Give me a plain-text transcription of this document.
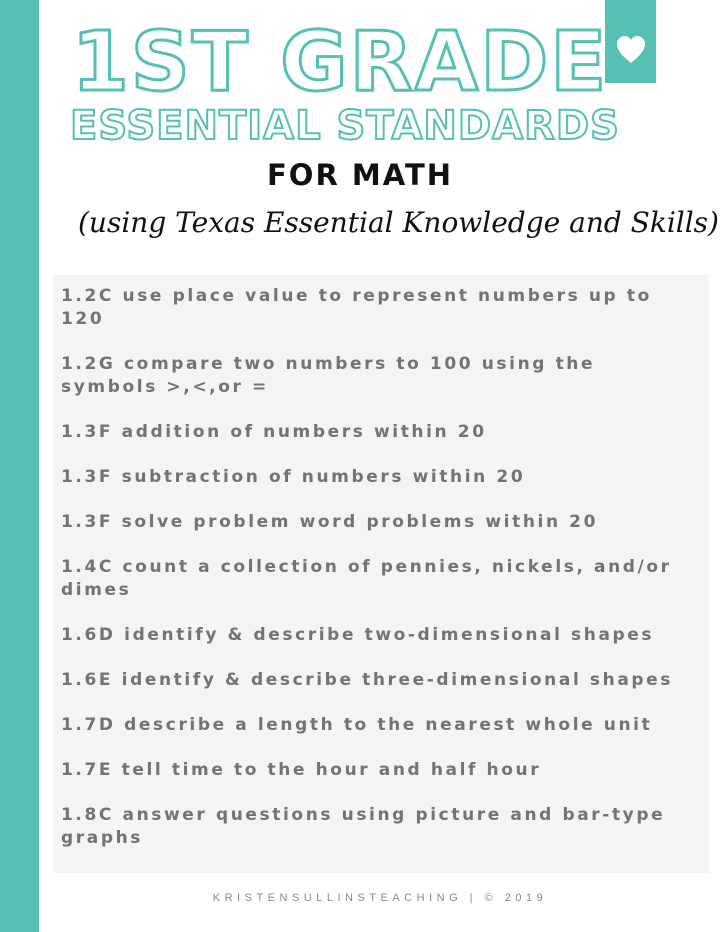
1ST GRADE
ESSENTIAL STANDARDS
FOR MATH
(using Texas Essential Knowledge and Skills)
1.2C use place value to represent numbers up to 120
1.2G compare two numbers to 100 using the symbols >,<,or =
1.3F addition of numbers within 20
1.3F subtraction of numbers within 20
1.3F solve problem word problems within 20
1.4C count a collection of pennies, nickels, and/or dimes
1.6D identify & describe two-dimensional shapes
1.6E identify & describe three-dimensional shapes
1.7D describe a length to the nearest whole unit
1.7E tell time to the hour and half hour
1.8C answer questions using picture and bar-type graphs
KRISTENSULLINSTEACHING | © 2019
